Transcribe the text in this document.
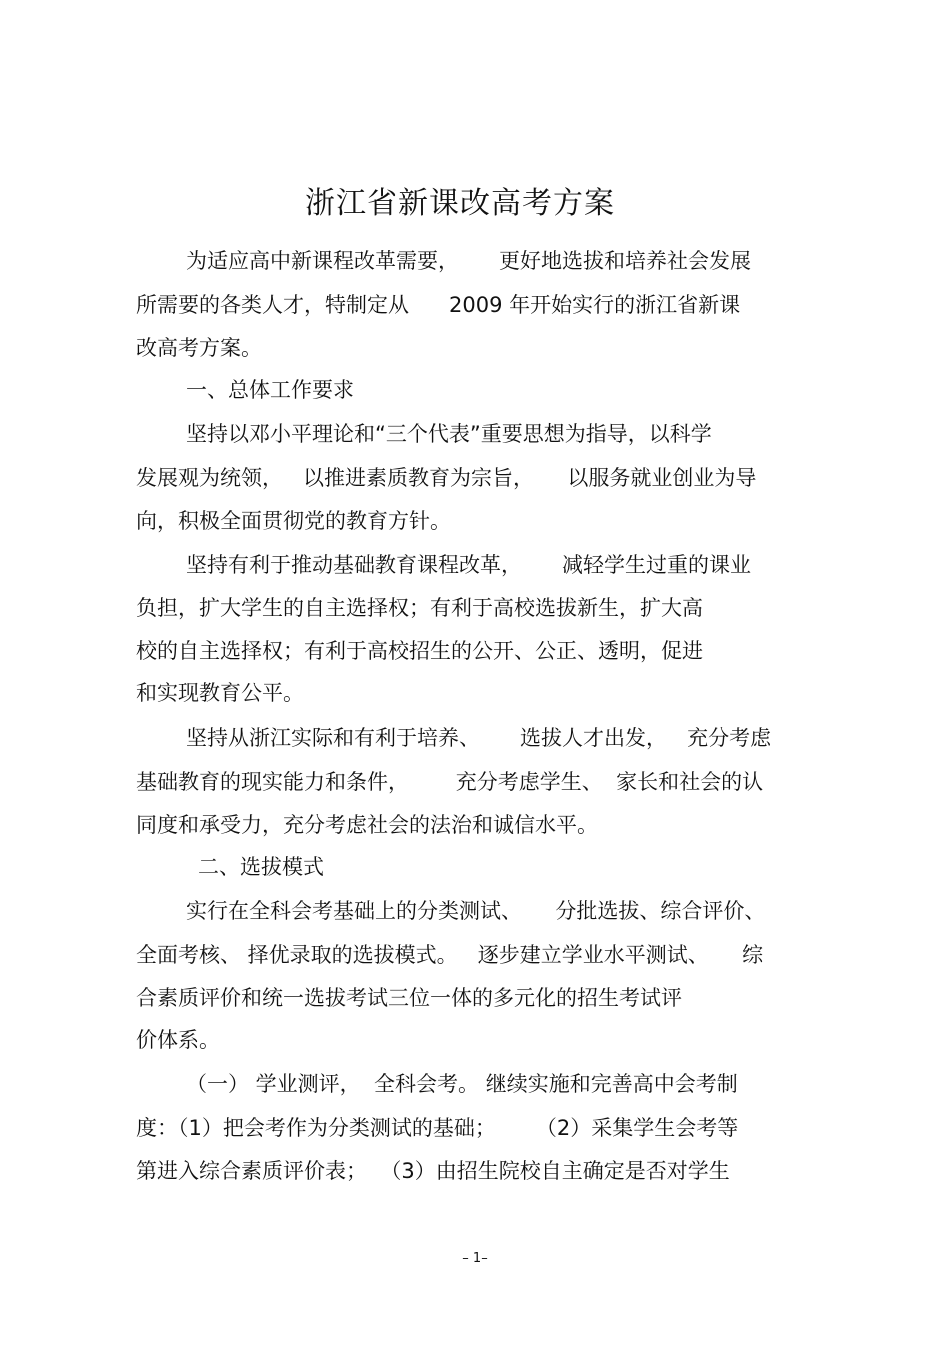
浙江省新课改高考方案
为适应高中新课程改革需要，      更好地选拔和培养社会发展
所需要的各类人才，特制定从      2009 年开始实行的浙江省新课
改高考方案。
一、总体工作要求
坚持以邓小平理论和“三个代表”重要思想为指导，以科学
发展观为统领，   以推进素质教育为宗旨，     以服务就业创业为导
向，积极全面贯彻党的教育方针。
坚持有利于推动基础教育课程改革，      减轻学生过重的课业
负担，扩大学生的自主选择权；有利于高校选拔新生，扩大高
校的自主选择权；有利于高校招生的公开、公正、透明，促进
和实现教育公平。
坚持从浙江实际和有利于培养、      选拔人才出发，   充分考虑
基础教育的现实能力和条件，       充分考虑学生、  家长和社会的认
同度和承受力，充分考虑社会的法治和诚信水平。
二、选拔模式
实行在全科会考基础上的分类测试、     分批选拔、综合评价、
全面考核、 择优录取的选拔模式。   逐步建立学业水平测试、     综
合素质评价和统一选拔考试三位一体的多元化的招生考试评
价体系。
（一） 学业测评，  全科会考。 继续实施和完善高中会考制
度：（1）把会考作为分类测试的基础；      （2）采集学生会考等
第进入综合素质评价表；  （3）由招生院校自主确定是否对学生
– 1–
